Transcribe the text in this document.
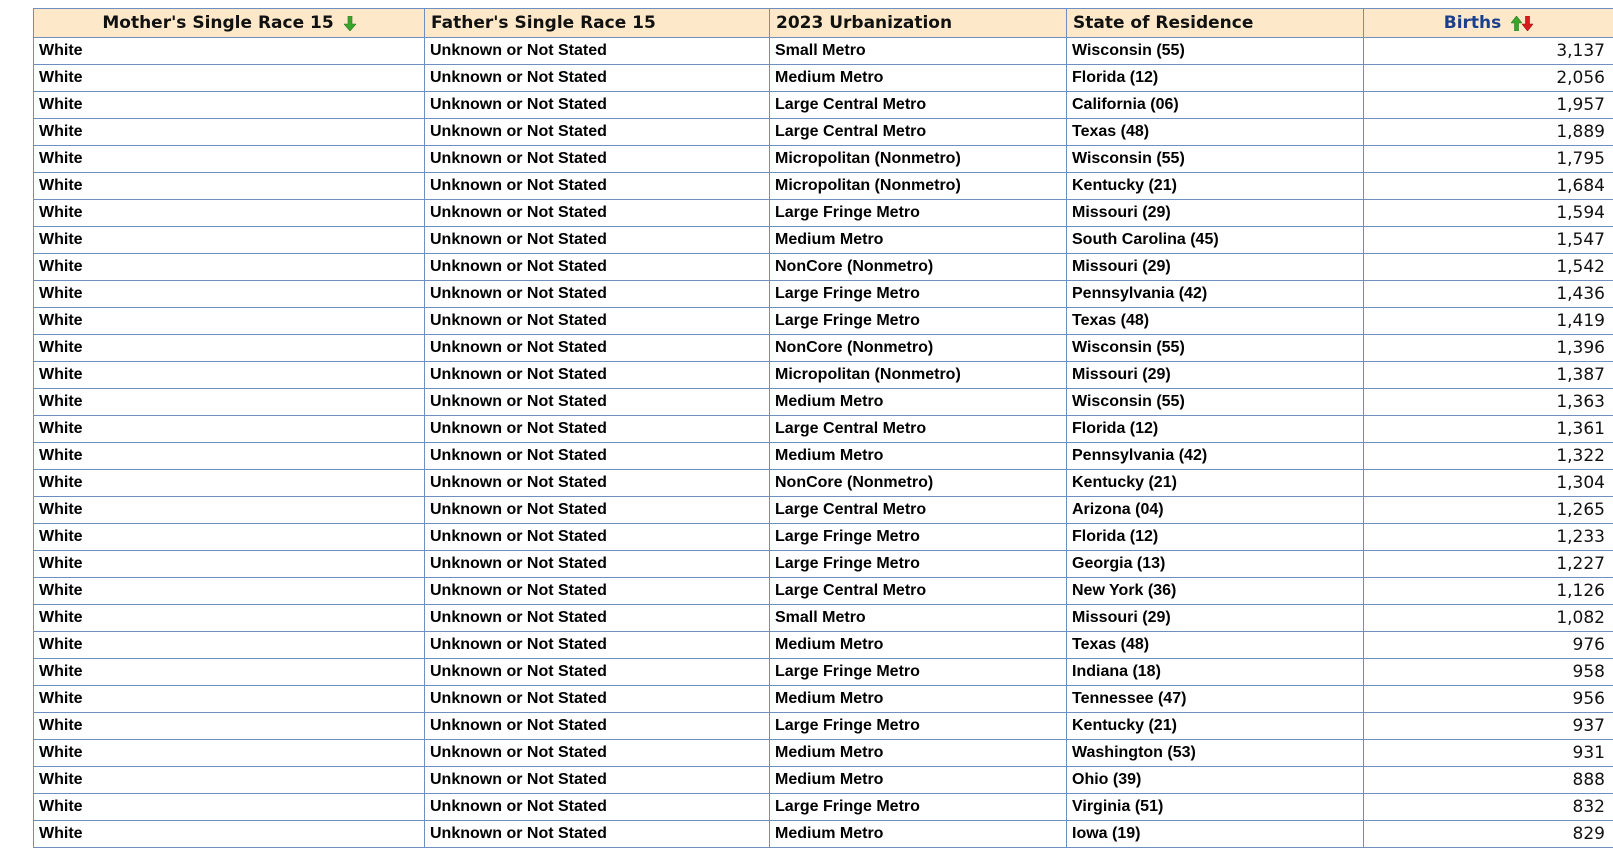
Mother's Single Race 15	Father's Single Race 15	2023 Urbanization	State of Residence	Births
White	Unknown or Not Stated	Small Metro	Wisconsin (55)	3,137
White	Unknown or Not Stated	Medium Metro	Florida (12)	2,056
White	Unknown or Not Stated	Large Central Metro	California (06)	1,957
White	Unknown or Not Stated	Large Central Metro	Texas (48)	1,889
White	Unknown or Not Stated	Micropolitan (Nonmetro)	Wisconsin (55)	1,795
White	Unknown or Not Stated	Micropolitan (Nonmetro)	Kentucky (21)	1,684
White	Unknown or Not Stated	Large Fringe Metro	Missouri (29)	1,594
White	Unknown or Not Stated	Medium Metro	South Carolina (45)	1,547
White	Unknown or Not Stated	NonCore (Nonmetro)	Missouri (29)	1,542
White	Unknown or Not Stated	Large Fringe Metro	Pennsylvania (42)	1,436
White	Unknown or Not Stated	Large Fringe Metro	Texas (48)	1,419
White	Unknown or Not Stated	NonCore (Nonmetro)	Wisconsin (55)	1,396
White	Unknown or Not Stated	Micropolitan (Nonmetro)	Missouri (29)	1,387
White	Unknown or Not Stated	Medium Metro	Wisconsin (55)	1,363
White	Unknown or Not Stated	Large Central Metro	Florida (12)	1,361
White	Unknown or Not Stated	Medium Metro	Pennsylvania (42)	1,322
White	Unknown or Not Stated	NonCore (Nonmetro)	Kentucky (21)	1,304
White	Unknown or Not Stated	Large Central Metro	Arizona (04)	1,265
White	Unknown or Not Stated	Large Fringe Metro	Florida (12)	1,233
White	Unknown or Not Stated	Large Fringe Metro	Georgia (13)	1,227
White	Unknown or Not Stated	Large Central Metro	New York (36)	1,126
White	Unknown or Not Stated	Small Metro	Missouri (29)	1,082
White	Unknown or Not Stated	Medium Metro	Texas (48)	976
White	Unknown or Not Stated	Large Fringe Metro	Indiana (18)	958
White	Unknown or Not Stated	Medium Metro	Tennessee (47)	956
White	Unknown or Not Stated	Large Fringe Metro	Kentucky (21)	937
White	Unknown or Not Stated	Medium Metro	Washington (53)	931
White	Unknown or Not Stated	Medium Metro	Ohio (39)	888
White	Unknown or Not Stated	Large Fringe Metro	Virginia (51)	832
White	Unknown or Not Stated	Medium Metro	Iowa (19)	829
